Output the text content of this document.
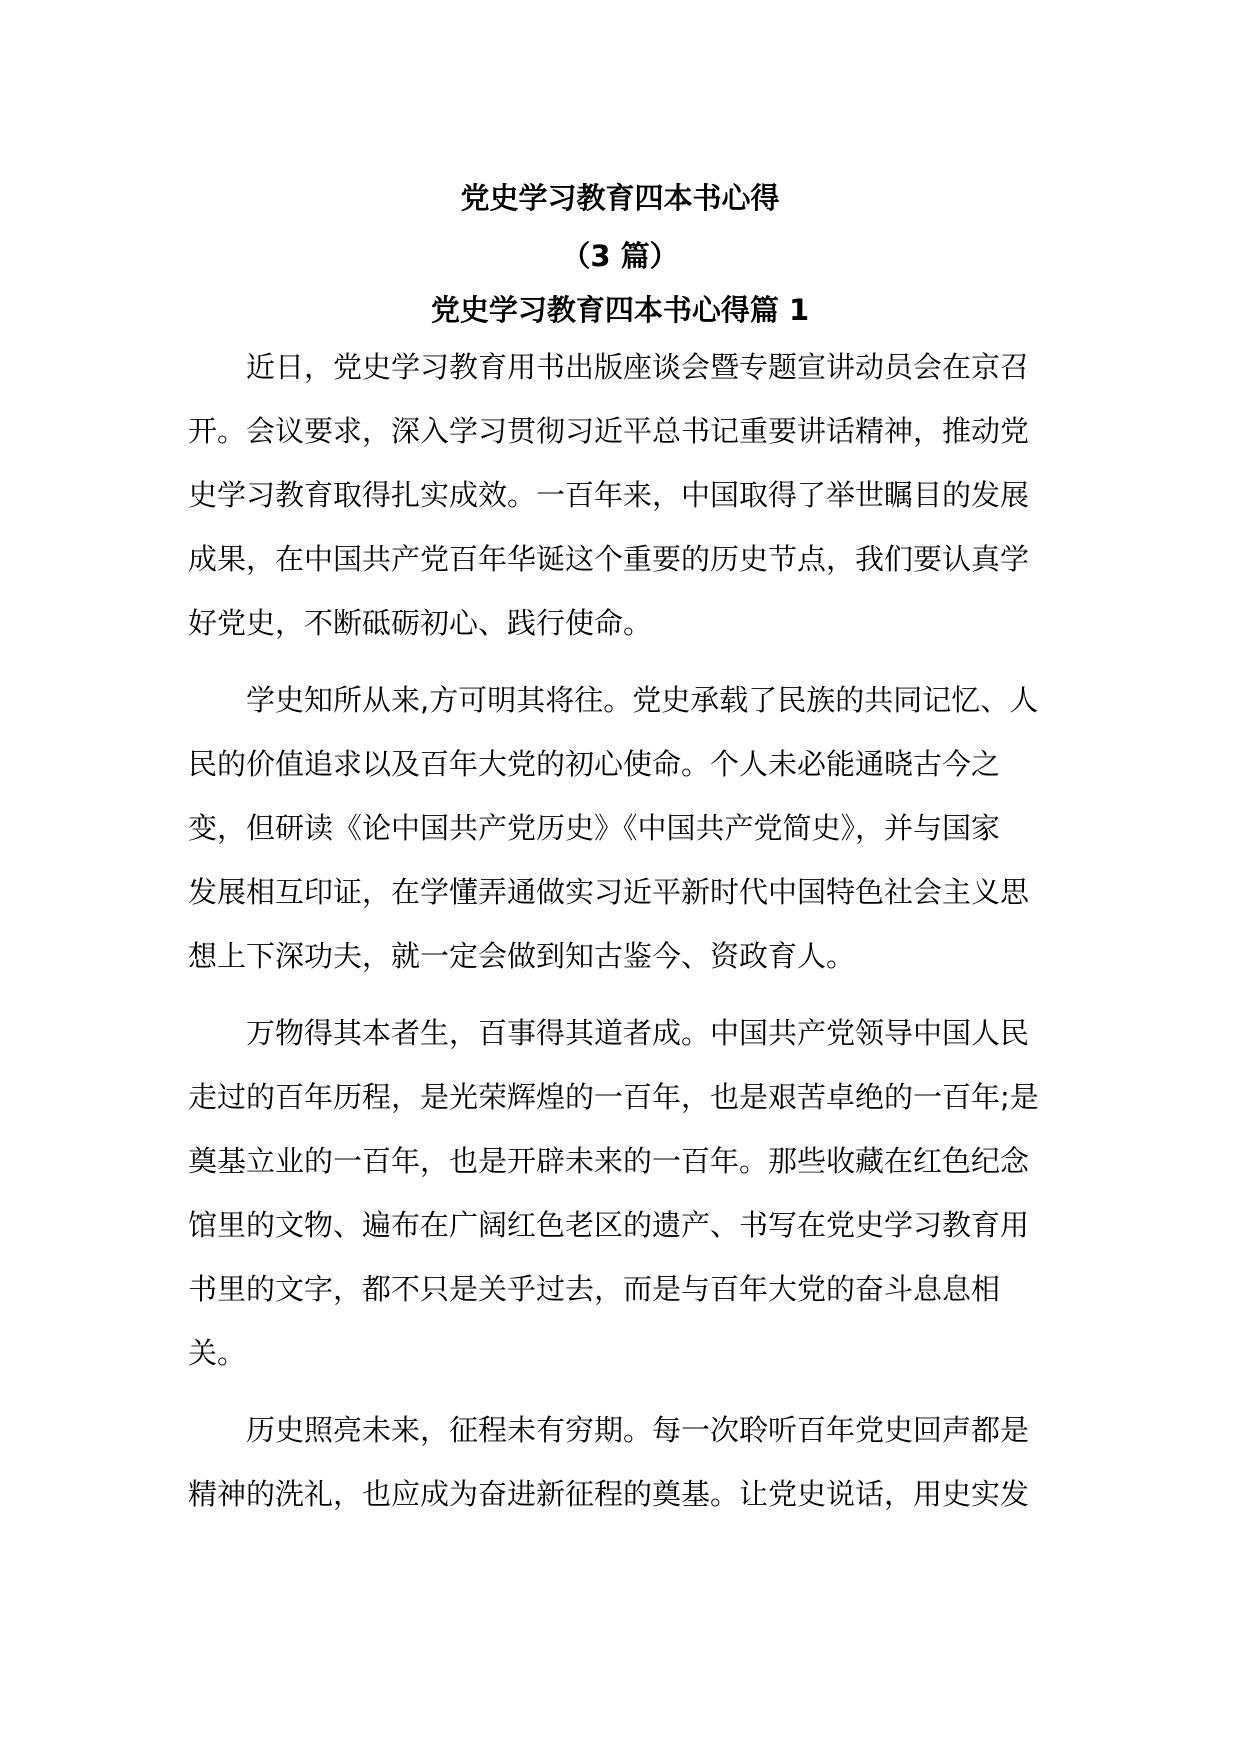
党史学习教育四本书心得
（3 篇）
党史学习教育四本书心得篇 1

近日，党史学习教育用书出版座谈会暨专题宣讲动员会在京召
开。会议要求，深入学习贯彻习近平总书记重要讲话精神，推动党
史学习教育取得扎实成效。一百年来，中国取得了举世瞩目的发展
成果，在中国共产党百年华诞这个重要的历史节点，我们要认真学
好党史，不断砥砺初心、践行使命。

学史知所从来,方可明其将往。党史承载了民族的共同记忆、人
民的价值追求以及百年大党的初心使命。个人未必能通晓古今之
变，但研读《论中国共产党历史》《中国共产党简史》，并与国家
发展相互印证，在学懂弄通做实习近平新时代中国特色社会主义思
想上下深功夫，就一定会做到知古鉴今、资政育人。

万物得其本者生，百事得其道者成。中国共产党领导中国人民
走过的百年历程，是光荣辉煌的一百年，也是艰苦卓绝的一百年;是
奠基立业的一百年，也是开辟未来的一百年。那些收藏在红色纪念
馆里的文物、遍布在广阔红色老区的遗产、书写在党史学习教育用
书里的文字，都不只是关乎过去，而是与百年大党的奋斗息息相
关。

历史照亮未来，征程未有穷期。每一次聆听百年党史回声都是
精神的洗礼，也应成为奋进新征程的奠基。让党史说话，用史实发
